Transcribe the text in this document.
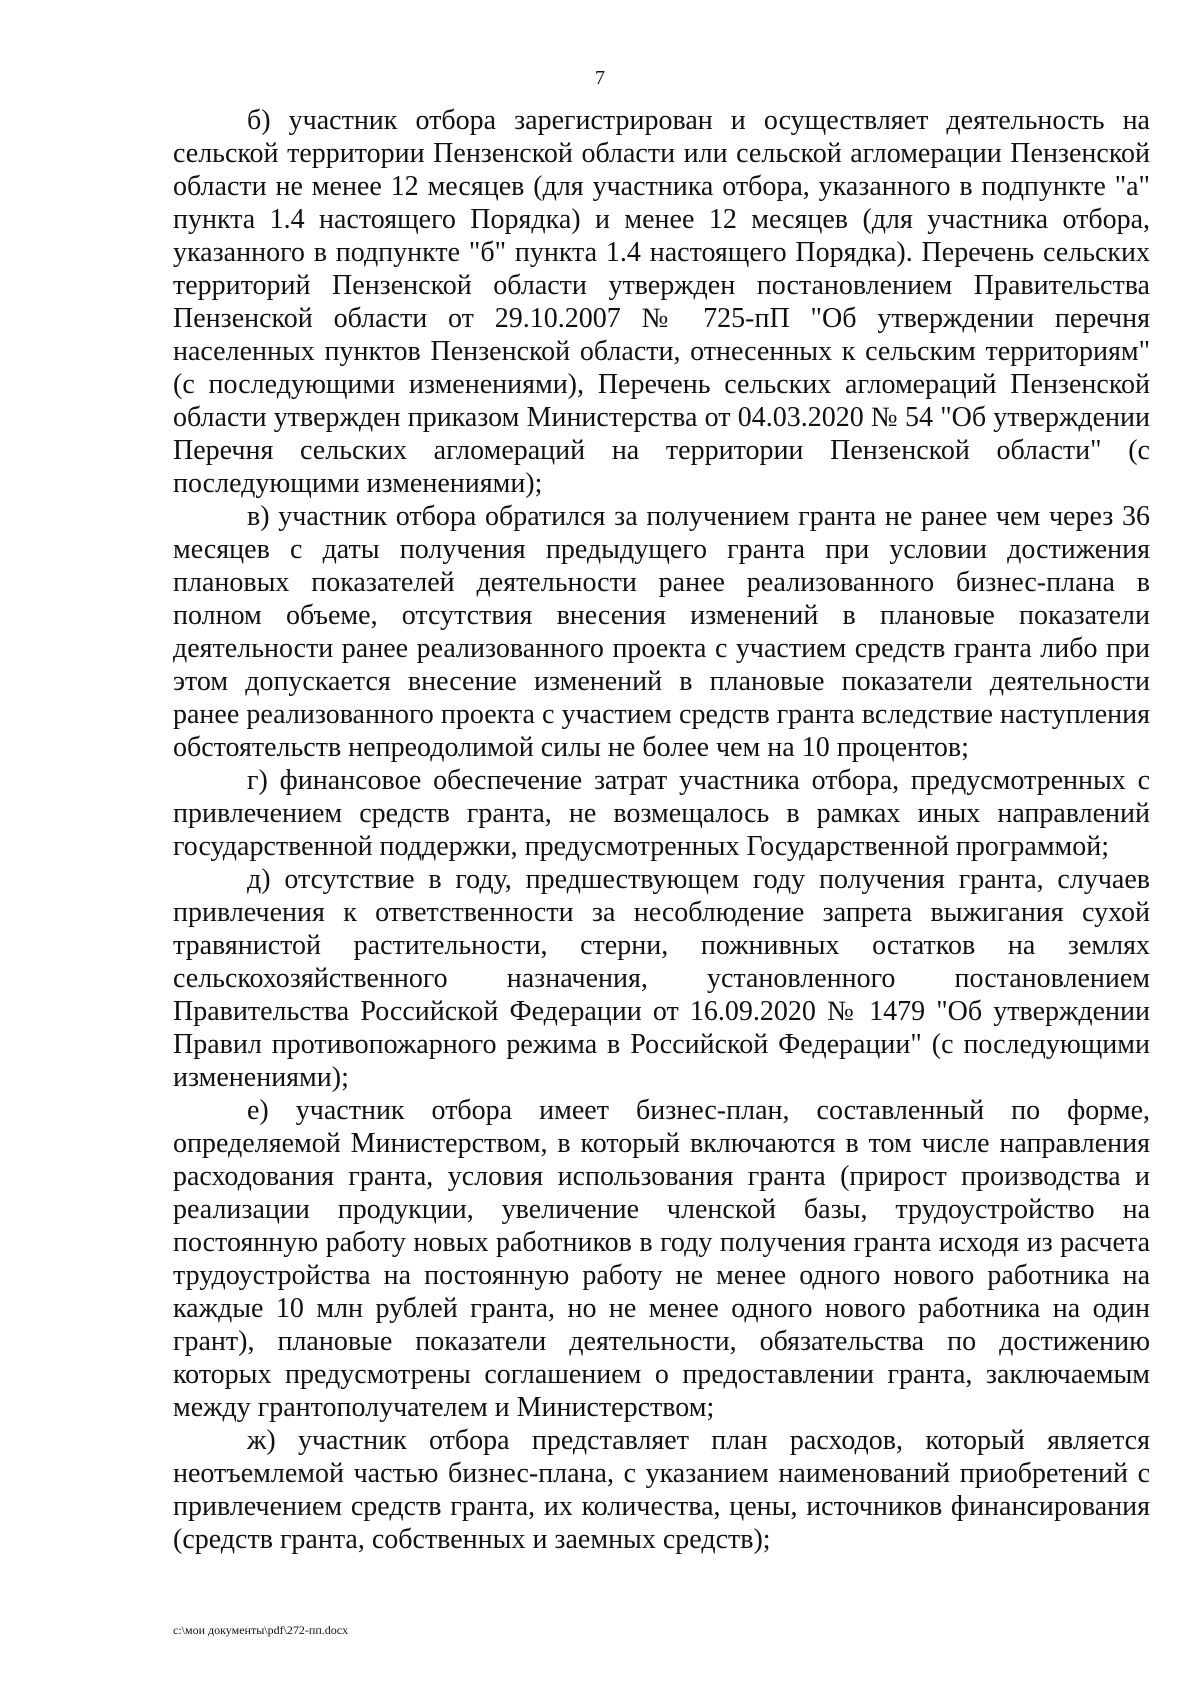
7

б) участник отбора зарегистрирован и осуществляет деятельность на сельской территории Пензенской области или сельской агломерации Пензенской области не менее 12 месяцев (для участника отбора, указанного в подпункте "а" пункта 1.4 настоящего Порядка) и менее 12 месяцев (для участника отбора, указанного в подпункте "б" пункта 1.4 настоящего Порядка). Перечень сельских территорий Пензенской области утвержден постановлением Правительства Пензенской области от 29.10.2007 № 725-пП "Об утверждении перечня населенных пунктов Пензенской области, отнесенных к сельским территориям" (с последующими изменениями), Перечень сельских агломераций Пензенской области утвержден приказом Министерства от 04.03.2020 № 54 "Об утверждении Перечня сельских агломераций на территории Пензенской области" (с последующими изменениями);

в) участник отбора обратился за получением гранта не ранее чем через 36 месяцев с даты получения предыдущего гранта при условии достижения плановых показателей деятельности ранее реализованного бизнес-плана в полном объеме, отсутствия внесения изменений в плановые показатели деятельности ранее реализованного проекта с участием средств гранта либо при этом допускается внесение изменений в плановые показатели деятельности ранее реализованного проекта с участием средств гранта вследствие наступления обстоятельств непреодолимой силы не более чем на 10 процентов;

г) финансовое обеспечение затрат участника отбора, предусмотренных с привлечением средств гранта, не возмещалось в рамках иных направлений государственной поддержки, предусмотренных Государственной программой;

д) отсутствие в году, предшествующем году получения гранта, случаев привлечения к ответственности за несоблюдение запрета выжигания сухой травянистой растительности, стерни, пожнивных остатков на землях сельскохозяйственного назначения, установленного постановлением Правительства Российской Федерации от 16.09.2020 № 1479 "Об утверждении Правил противопожарного режима в Российской Федерации" (с последующими изменениями);

е) участник отбора имеет бизнес-план, составленный по форме, определяемой Министерством, в который включаются в том числе направления расходования гранта, условия использования гранта (прирост производства и реализации продукции, увеличение членской базы, трудоустройство на постоянную работу новых работников в году получения гранта исходя из расчета трудоустройства на постоянную работу не менее одного нового работника на каждые 10 млн рублей гранта, но не менее одного нового работника на один грант), плановые показатели деятельности, обязательства по достижению которых предусмотрены соглашением о предоставлении гранта, заключаемым между грантополучателем и Министерством;

ж) участник отбора представляет план расходов, который является неотъемлемой частью бизнес-плана, с указанием наименований приобретений с привлечением средств гранта, их количества, цены, источников финансирования (средств гранта, собственных и заемных средств);

c:\мои документы\pdf\272-пп.docx
